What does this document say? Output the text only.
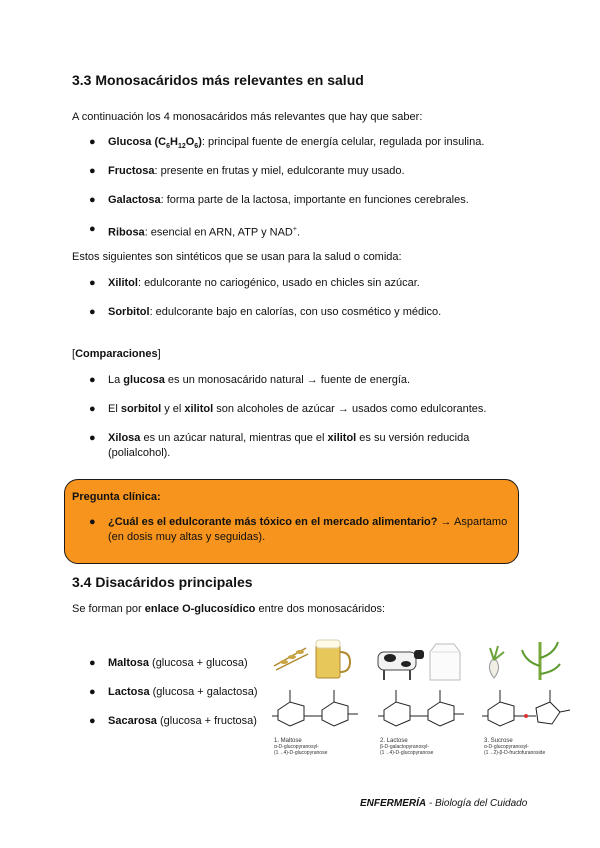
3.3 Monosacáridos más relevantes en salud

A continuación los 4 monosacáridos más relevantes que hay que saber:

● Glucosa $(C_6H_{12}O_6)$: principal fuente de energía celular, regulada por insulina.
● Fructosa: presente en frutas y miel, edulcorante muy usado.
● Galactosa: forma parte de la lactosa, importante en funciones cerebrales.
● Ribosa: esencial en ARN, ATP y NAD+.

Estos siguientes son sintéticos que se usan para la salud o comida:

● Xilitol: edulcorante no cariogénico, usado en chicles sin azúcar.
● Sorbitol: edulcorante bajo en calorías, con uso cosmético y médico.

[Comparaciones]

● La glucosa es un monosacárido natural → fuente de energía.
● El sorbitol y el xilitol son alcoholes de azúcar → usados como edulcorantes.
● Xilosa es un azúcar natural, mientras que el xilitol es su versión reducida
(polialcohol).

Pregunta clínica:

● ¿Cuál es el edulcorante más tóxico en el mercado alimentario? → Aspartamo
(en dosis muy altas y seguidas).
3.4 Disacáridos principales

Se forman por enlace O-glucosídico entre dos monosacáridos:

● Maltosa (glucosa + glucosa)
● Lactosa (glucosa + galactosa)
● Sacarosa (glucosa + fructosa)
1. Maltose
α-D-glucopyranosyl-
(1→4)-D-glucopyranose
2. Lactose
β-D-galactopyranosyl-
(1→4)-D-glucopyranose
3. Sucrose
α-D-glucopyranosyl-
(1→2)-β-D-fructofuranoside
ENFERMERÍA - Biología del Cuidado
